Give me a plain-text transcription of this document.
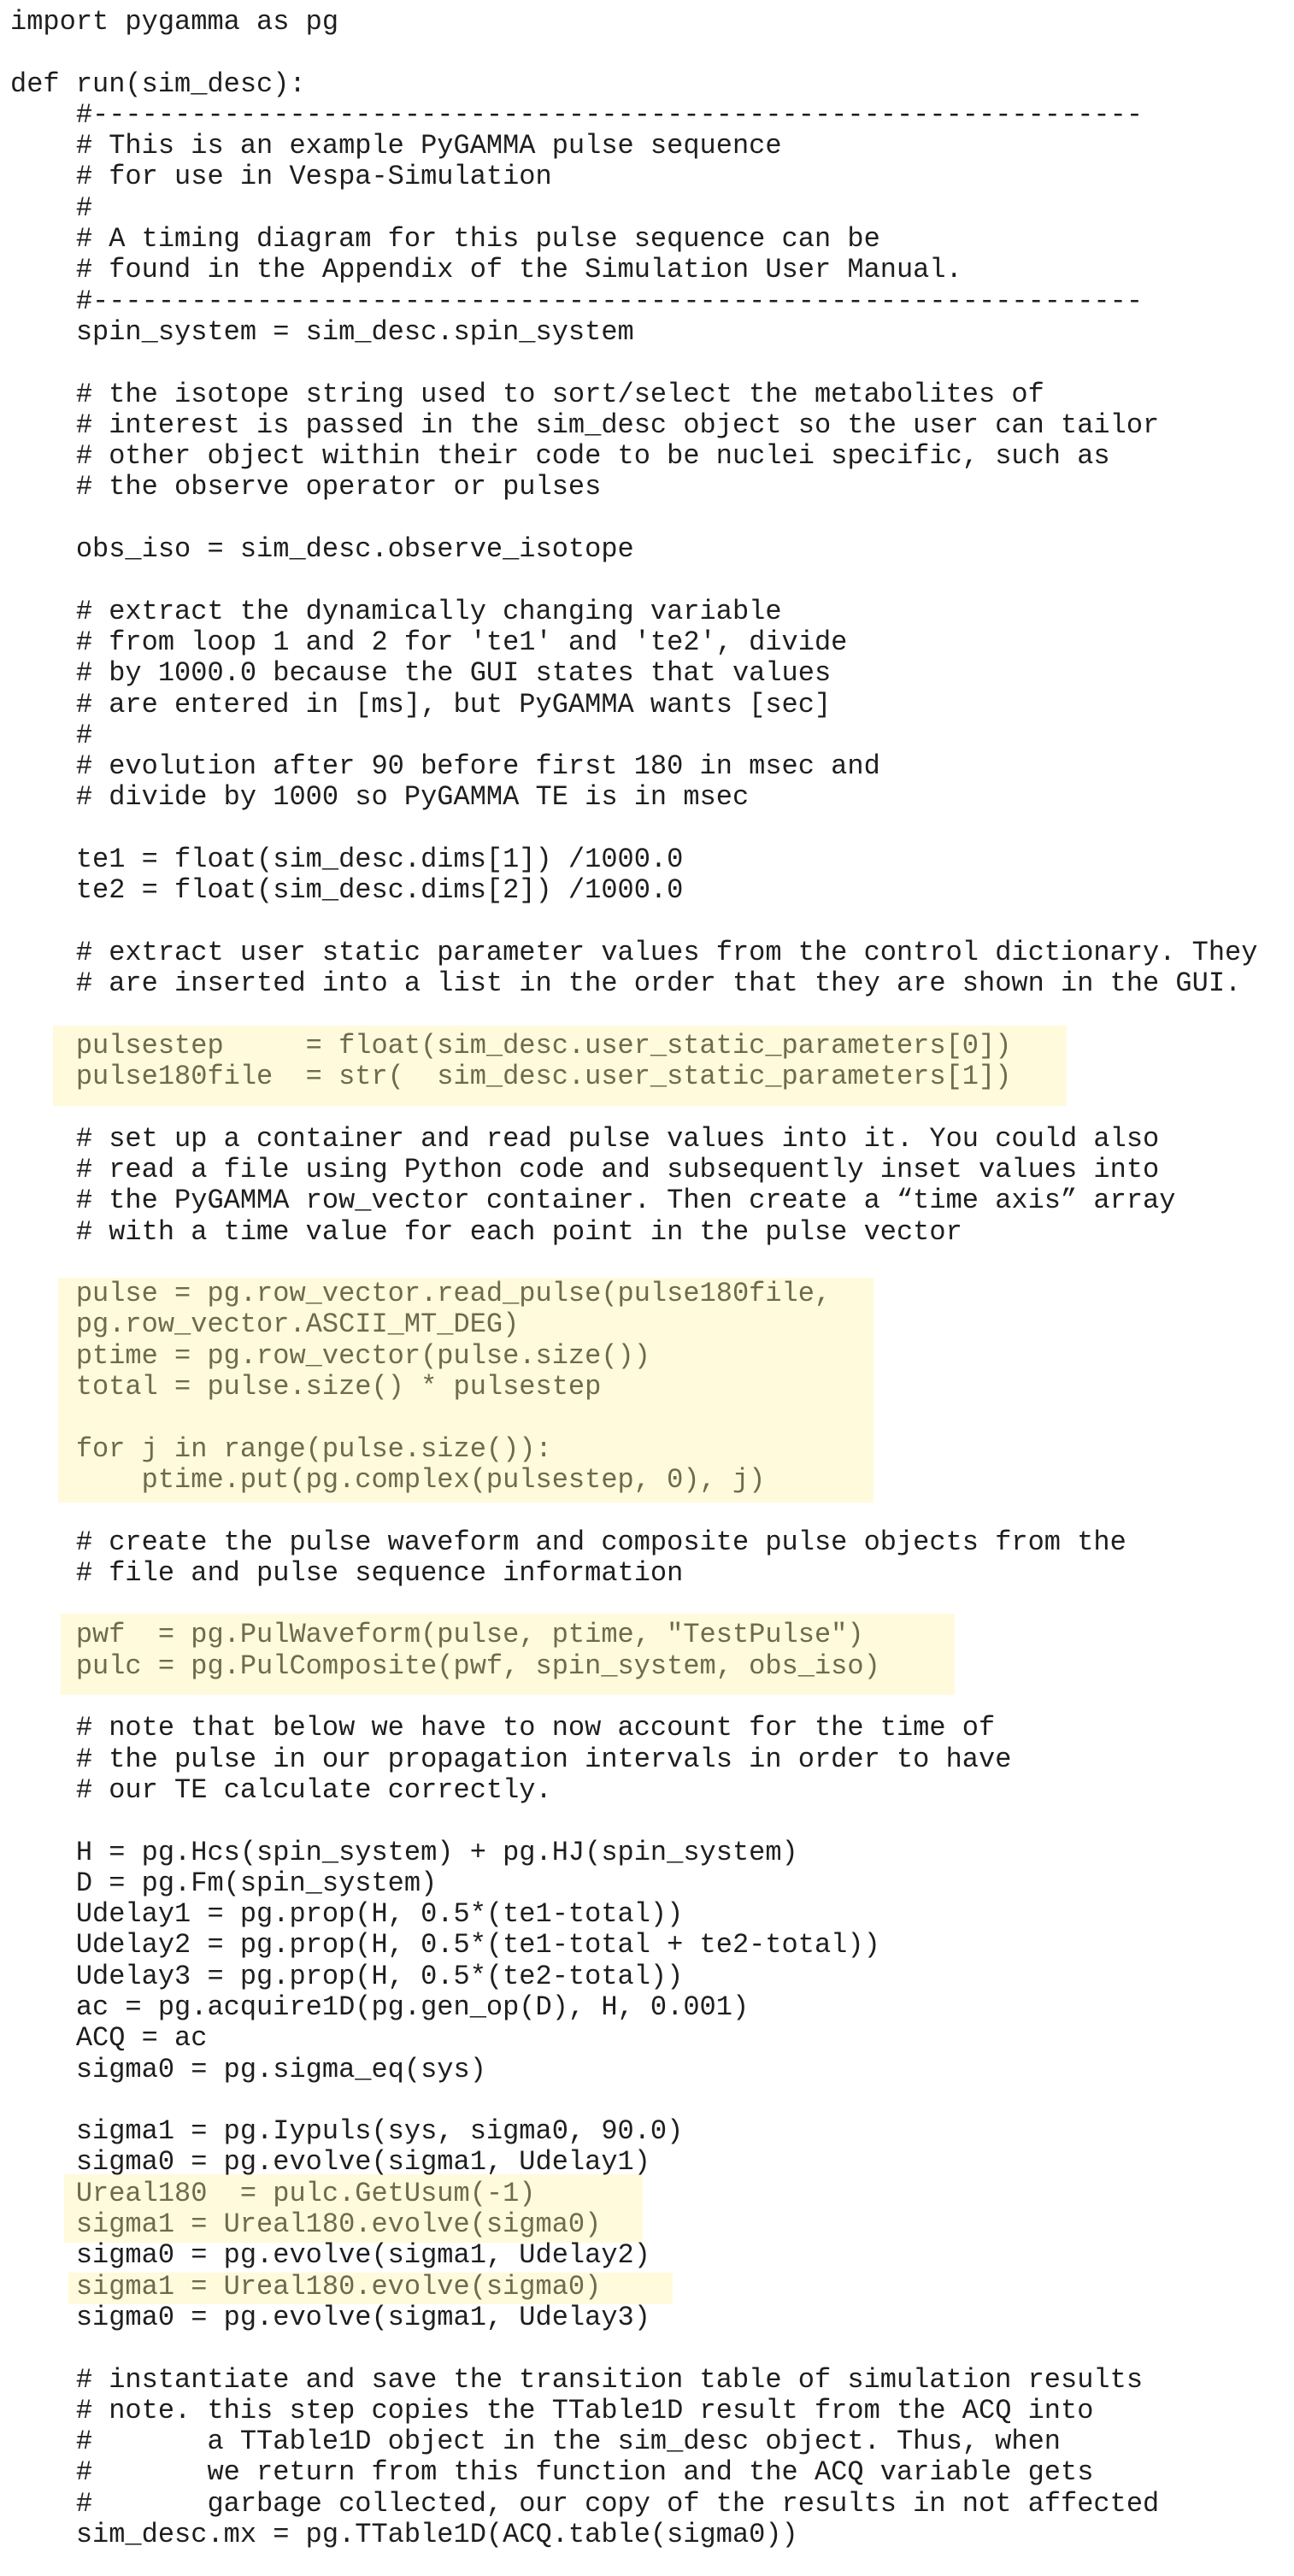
import pygamma as pg
def run(sim_desc):
#----------------------------------------------------------------
# This is an example PyGAMMA pulse sequence
# for use in Vespa-Simulation
#
# A timing diagram for this pulse sequence can be
# found in the Appendix of the Simulation User Manual.
#----------------------------------------------------------------
spin_system = sim_desc.spin_system
# the isotope string used to sort/select the metabolites of
# interest is passed in the sim_desc object so the user can tailor
# other object within their code to be nuclei specific, such as
# the observe operator or pulses
obs_iso = sim_desc.observe_isotope
# extract the dynamically changing variable
# from loop 1 and 2 for 'te1' and 'te2', divide
# by 1000.0 because the GUI states that values
# are entered in [ms], but PyGAMMA wants [sec]
#
# evolution after 90 before first 180 in msec and
# divide by 1000 so PyGAMMA TE is in msec
te1 = float(sim_desc.dims[1]) /1000.0
te2 = float(sim_desc.dims[2]) /1000.0
# extract user static parameter values from the control dictionary. They
# are inserted into a list in the order that they are shown in the GUI.
pulsestep     = float(sim_desc.user_static_parameters[0])
pulse180file  = str(  sim_desc.user_static_parameters[1])
# set up a container and read pulse values into it. You could also
# read a file using Python code and subsequently inset values into
# the PyGAMMA row_vector container. Then create a “time axis” array
# with a time value for each point in the pulse vector
pulse = pg.row_vector.read_pulse(pulse180file,
pg.row_vector.ASCII_MT_DEG)
ptime = pg.row_vector(pulse.size())
total = pulse.size() * pulsestep
for j in range(pulse.size()):
ptime.put(pg.complex(pulsestep, 0), j)
# create the pulse waveform and composite pulse objects from the
# file and pulse sequence information
pwf  = pg.PulWaveform(pulse, ptime, "TestPulse")
pulc = pg.PulComposite(pwf, spin_system, obs_iso)
# note that below we have to now account for the time of
# the pulse in our propagation intervals in order to have
# our TE calculate correctly.
H = pg.Hcs(spin_system) + pg.HJ(spin_system)
D = pg.Fm(spin_system)
Udelay1 = pg.prop(H, 0.5*(te1-total))
Udelay2 = pg.prop(H, 0.5*(te1-total + te2-total))
Udelay3 = pg.prop(H, 0.5*(te2-total))
ac = pg.acquire1D(pg.gen_op(D), H, 0.001)
ACQ = ac
sigma0 = pg.sigma_eq(sys)
sigma1 = pg.Iypuls(sys, sigma0, 90.0)
sigma0 = pg.evolve(sigma1, Udelay1)
Ureal180  = pulc.GetUsum(-1)
sigma1 = Ureal180.evolve(sigma0)
sigma0 = pg.evolve(sigma1, Udelay2)
sigma1 = Ureal180.evolve(sigma0)
sigma0 = pg.evolve(sigma1, Udelay3)
# instantiate and save the transition table of simulation results
# note. this step copies the TTable1D result from the ACQ into
#       a TTable1D object in the sim_desc object. Thus, when
#       we return from this function and the ACQ variable gets
#       garbage collected, our copy of the results in not affected
sim_desc.mx = pg.TTable1D(ACQ.table(sigma0))
